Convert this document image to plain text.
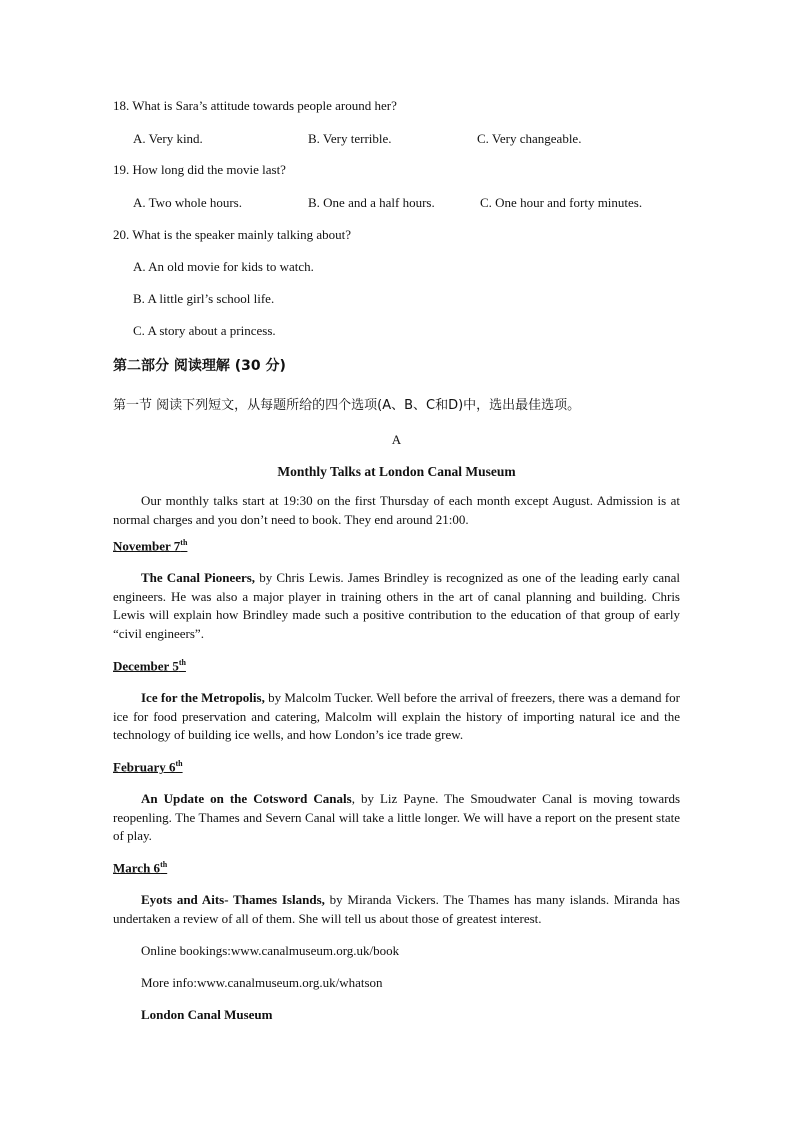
18. What is Sara’s attitude towards people around her?
A. Very kind.	B. Very terrible.	C. Very changeable.
19. How long did the movie last?
A. Two whole hours.	B. One and a half hours.	C. One hour and forty minutes.
20. What is the speaker mainly talking about?
A. An old movie for kids to watch.
B. A little girl’s school life.
C. A story about a princess.
第二部分 阅读理解 (30 分)
第一节 阅读下列短文，从每题所给的四个选项(A、B、C和D)中，选出最佳选项。
A
Monthly Talks at London Canal Museum
Our monthly talks start at 19:30 on the first Thursday of each month except August. Admission is at normal charges and you don’t need to book. They end around 21:00.
November 7th
The Canal Pioneers, by Chris Lewis. James Brindley is recognized as one of the leading early canal engineers. He was also a major player in training others in the art of canal planning and building. Chris Lewis will explain how Brindley made such a positive contribution to the education of that group of early “civil engineers”.
December 5th
Ice for the Metropolis, by Malcolm Tucker. Well before the arrival of freezers, there was a demand for ice for food preservation and catering, Malcolm will explain the history of importing natural ice and the technology of building ice wells, and how London’s ice trade grew.
February 6th
An Update on the Cotsword Canals, by Liz Payne. The Smoudwater Canal is moving towards reopenling. The Thames and Severn Canal will take a little longer. We will have a report on the present state of play.
March 6th
Eyots and Aits- Thames Islands, by Miranda Vickers. The Thames has many islands. Miranda has undertaken a review of all of them. She will tell us about those of greatest interest.
Online bookings:www.canalmuseum.org.uk/book
More info:www.canalmuseum.org.uk/whatson
London Canal Museum
